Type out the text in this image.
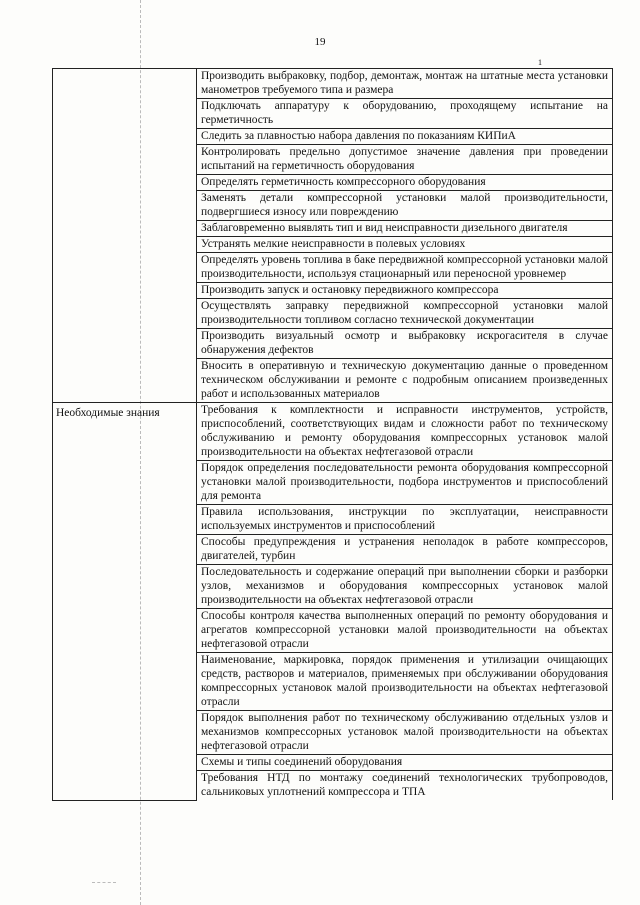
19
1
	Производить выбраковку, подбор, демонтаж, монтаж на штатные места установки манометров требуемого типа и размера
	Подключать аппаратуру к оборудованию, проходящему испытание на герметичность
	Следить за плавностью набора давления по показаниям КИПиА
	Контролировать предельно допустимое значение давления при проведении испытаний на герметичность оборудования
	Определять герметичность компрессорного оборудования
	Заменять детали компрессорной установки малой производительности, подвергшиеся износу или повреждению
	Заблаговременно выявлять тип и вид неисправности дизельного двигателя
	Устранять мелкие неисправности в полевых условиях
	Определять уровень топлива в баке передвижной компрессорной установки малой производительности, используя стационарный или переносной уровнемер
	Производить запуск и остановку передвижного компрессора
	Осуществлять заправку передвижной компрессорной установки малой производительности топливом согласно технической документации
	Производить визуальный осмотр и выбраковку искрогасителя в случае обнаружения дефектов
	Вносить в оперативную и техническую документацию данные о проведенном техническом обслуживании и ремонте с подробным описанием произведенных работ и использованных материалов
Необходимые знания	Требования к комплектности и исправности инструментов, устройств, приспособлений, соответствующих видам и сложности работ по техническому обслуживанию и ремонту оборудования компрессорных установок малой производительности на объектах нефтегазовой отрасли
	Порядок определения последовательности ремонта оборудования компрессорной установки малой производительности, подбора инструментов и приспособлений для ремонта
	Правила использования, инструкции по эксплуатации, неисправности используемых инструментов и приспособлений
	Способы предупреждения и устранения неполадок в работе компрессоров, двигателей, турбин
	Последовательность и содержание операций при выполнении сборки и разборки узлов, механизмов и оборудования компрессорных установок малой производительности на объектах нефтегазовой отрасли
	Способы контроля качества выполненных операций по ремонту оборудования и агрегатов компрессорной установки малой производительности на объектах нефтегазовой отрасли
	Наименование, маркировка, порядок применения и утилизации очищающих средств, растворов и материалов, применяемых при обслуживании оборудования компрессорных установок малой производительности на объектах нефтегазовой отрасли
	Порядок выполнения работ по техническому обслуживанию отдельных узлов и механизмов компрессорных установок малой производительности на объектах нефтегазовой отрасли
	Схемы и типы соединений оборудования
	Требования НТД по монтажу соединений технологических трубопроводов, сальниковых уплотнений компрессора и ТПА
